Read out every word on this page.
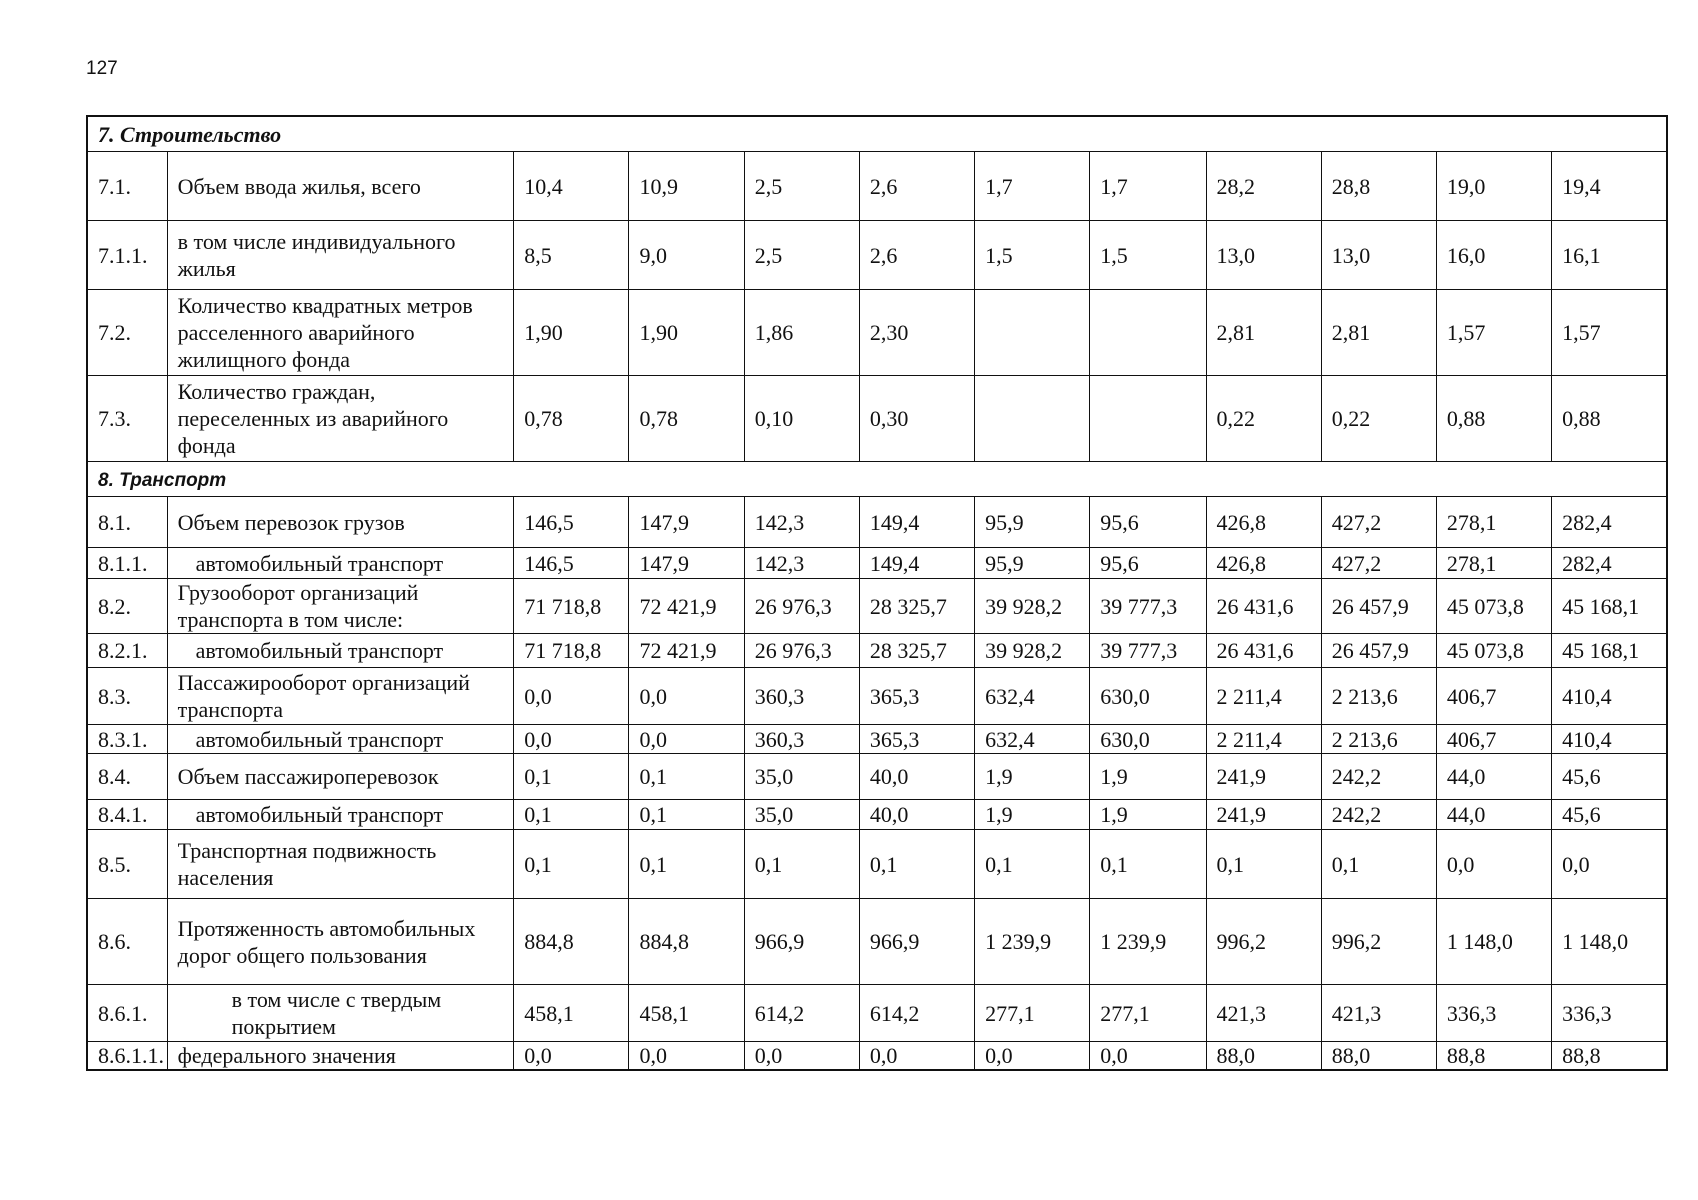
127
7. Строительство											
7.1.	Объем ввода жилья, всего	10,4	10,9	2,5	2,6	1,7	1,7	28,2	28,8	19,0	19,4
7.1.1.	в том числе индивидуального жилья	8,5	9,0	2,5	2,6	1,5	1,5	13,0	13,0	16,0	16,1
7.2.	Количество квадратных метров расселенного аварийного жилищного фонда	1,90	1,90	1,86	2,30			2,81	2,81	1,57	1,57
7.3.	Количество граждан, переселенных из аварийного фонда	0,78	0,78	0,10	0,30			0,22	0,22	0,88	0,88
8. Транспорт											
8.1.	Объем перевозок грузов	146,5	147,9	142,3	149,4	95,9	95,6	426,8	427,2	278,1	282,4
8.1.1.	автомобильный транспорт	146,5	147,9	142,3	149,4	95,9	95,6	426,8	427,2	278,1	282,4
8.2.	Грузооборот организаций транспорта в том числе:	71 718,8	72 421,9	26 976,3	28 325,7	39 928,2	39 777,3	26 431,6	26 457,9	45 073,8	45 168,1
8.2.1.	автомобильный транспорт	71 718,8	72 421,9	26 976,3	28 325,7	39 928,2	39 777,3	26 431,6	26 457,9	45 073,8	45 168,1
8.3.	Пассажирооборот организаций транспорта	0,0	0,0	360,3	365,3	632,4	630,0	2 211,4	2 213,6	406,7	410,4
8.3.1.	автомобильный транспорт	0,0	0,0	360,3	365,3	632,4	630,0	2 211,4	2 213,6	406,7	410,4
8.4.	Объем пассажироперевозок	0,1	0,1	35,0	40,0	1,9	1,9	241,9	242,2	44,0	45,6
8.4.1.	автомобильный транспорт	0,1	0,1	35,0	40,0	1,9	1,9	241,9	242,2	44,0	45,6
8.5.	Транспортная подвижность населения	0,1	0,1	0,1	0,1	0,1	0,1	0,1	0,1	0,0	0,0
8.6.	Протяженность автомобильных дорог общего пользования	884,8	884,8	966,9	966,9	1 239,9	1 239,9	996,2	996,2	1 148,0	1 148,0
8.6.1.	в том числе с твердым покрытием	458,1	458,1	614,2	614,2	277,1	277,1	421,3	421,3	336,3	336,3
8.6.1.1.	федерального значения	0,0	0,0	0,0	0,0	0,0	0,0	88,0	88,0	88,8	88,8
